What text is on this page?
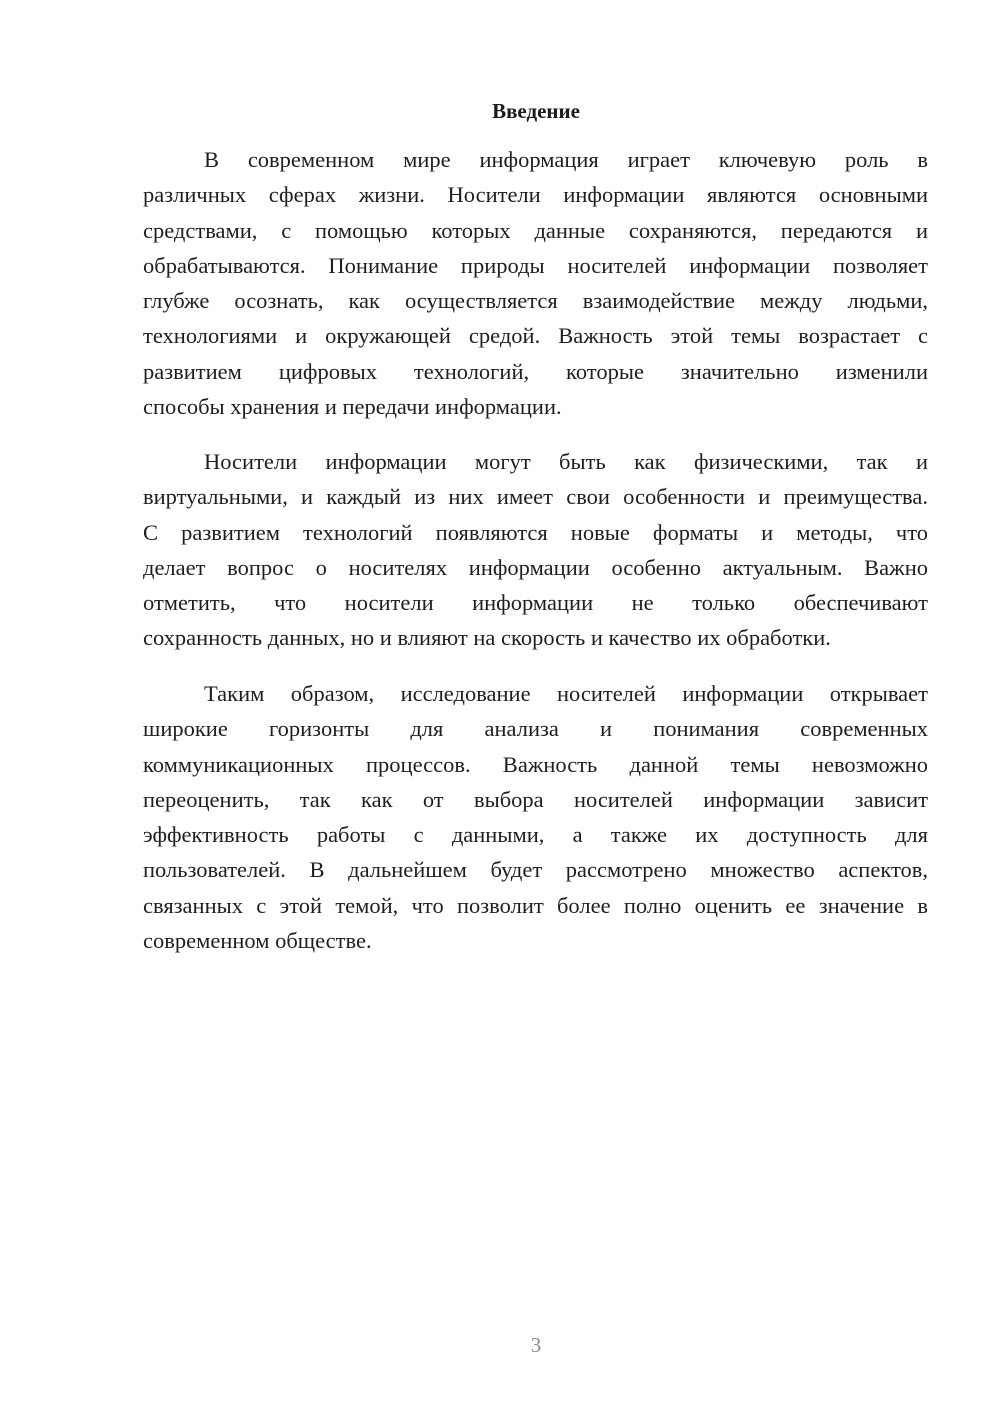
Введение
В современном мире информация играет ключевую роль в
различных сферах жизни. Носители информации являются основными
средствами, с помощью которых данные сохраняются, передаются и
обрабатываются. Понимание природы носителей информации позволяет
глубже осознать, как осуществляется взаимодействие между людьми,
технологиями и окружающей средой. Важность этой темы возрастает с
развитием цифровых технологий, которые значительно изменили
способы хранения и передачи информации.
Носители информации могут быть как физическими, так и
виртуальными, и каждый из них имеет свои особенности и преимущества.
С развитием технологий появляются новые форматы и методы, что
делает вопрос о носителях информации особенно актуальным. Важно
отметить, что носители информации не только обеспечивают
сохранность данных, но и влияют на скорость и качество их обработки.
Таким образом, исследование носителей информации открывает
широкие горизонты для анализа и понимания современных
коммуникационных процессов. Важность данной темы невозможно
переоценить, так как от выбора носителей информации зависит
эффективность работы с данными, а также их доступность для
пользователей. В дальнейшем будет рассмотрено множество аспектов,
связанных с этой темой, что позволит более полно оценить ее значение в
современном обществе.
3
